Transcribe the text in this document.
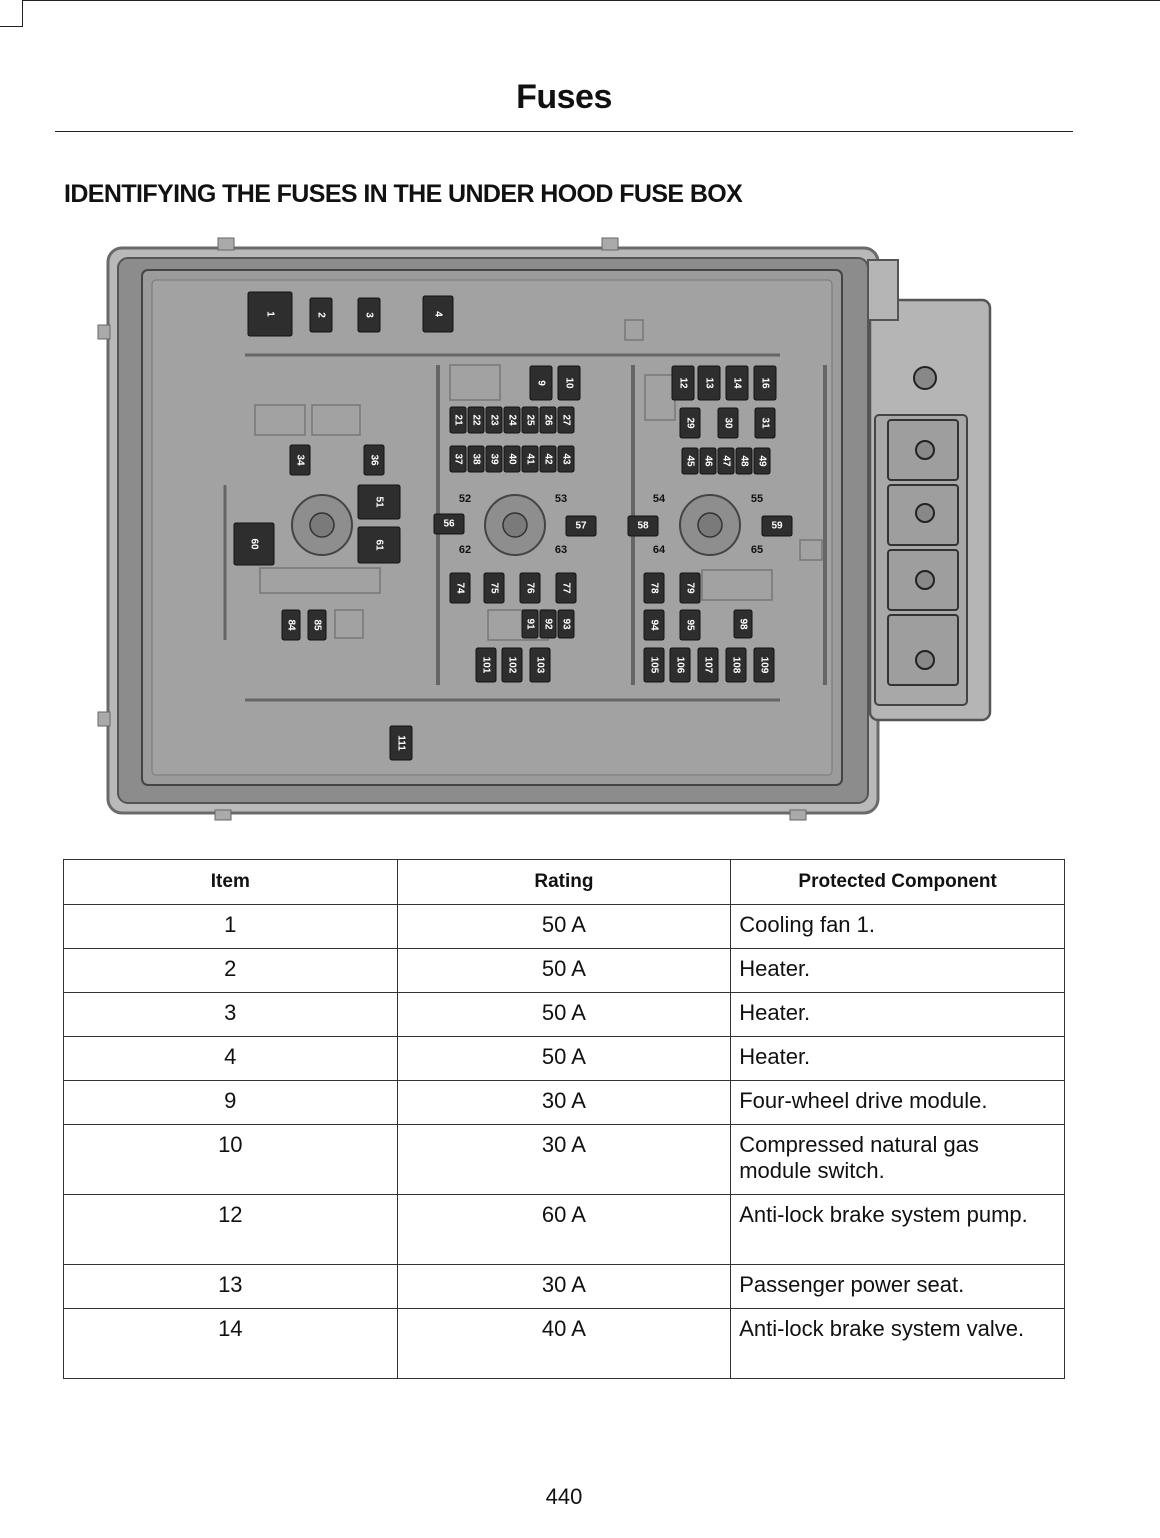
Fuses
IDENTIFYING THE FUSES IN THE UNDER HOOD FUSE BOX
1	2	3	4
9 10	12 13 14 16
21 22 23 24 25 26 27	29	30	31
34	36	37 38 39 40 41 42 43	45 46 47 48 49
51	52	53	54	55
56	57	58	59
60	61	62	63	64	65
74 75	76	77	78	79
84 85	91 92 93	94	95	98
101 102 103	105 106 107 108 109
111
Item	Rating	Protected Component
1	50 A	Cooling fan 1.
2	50 A	Heater.
3	50 A	Heater.
4	50 A	Heater.
9	30 A	Four-wheel drive module.
10	30 A	Compressed natural gas module switch.
12	60 A	Anti-lock brake system pump.
13	30 A	Passenger power seat.
14	40 A	Anti-lock brake system valve.
440
